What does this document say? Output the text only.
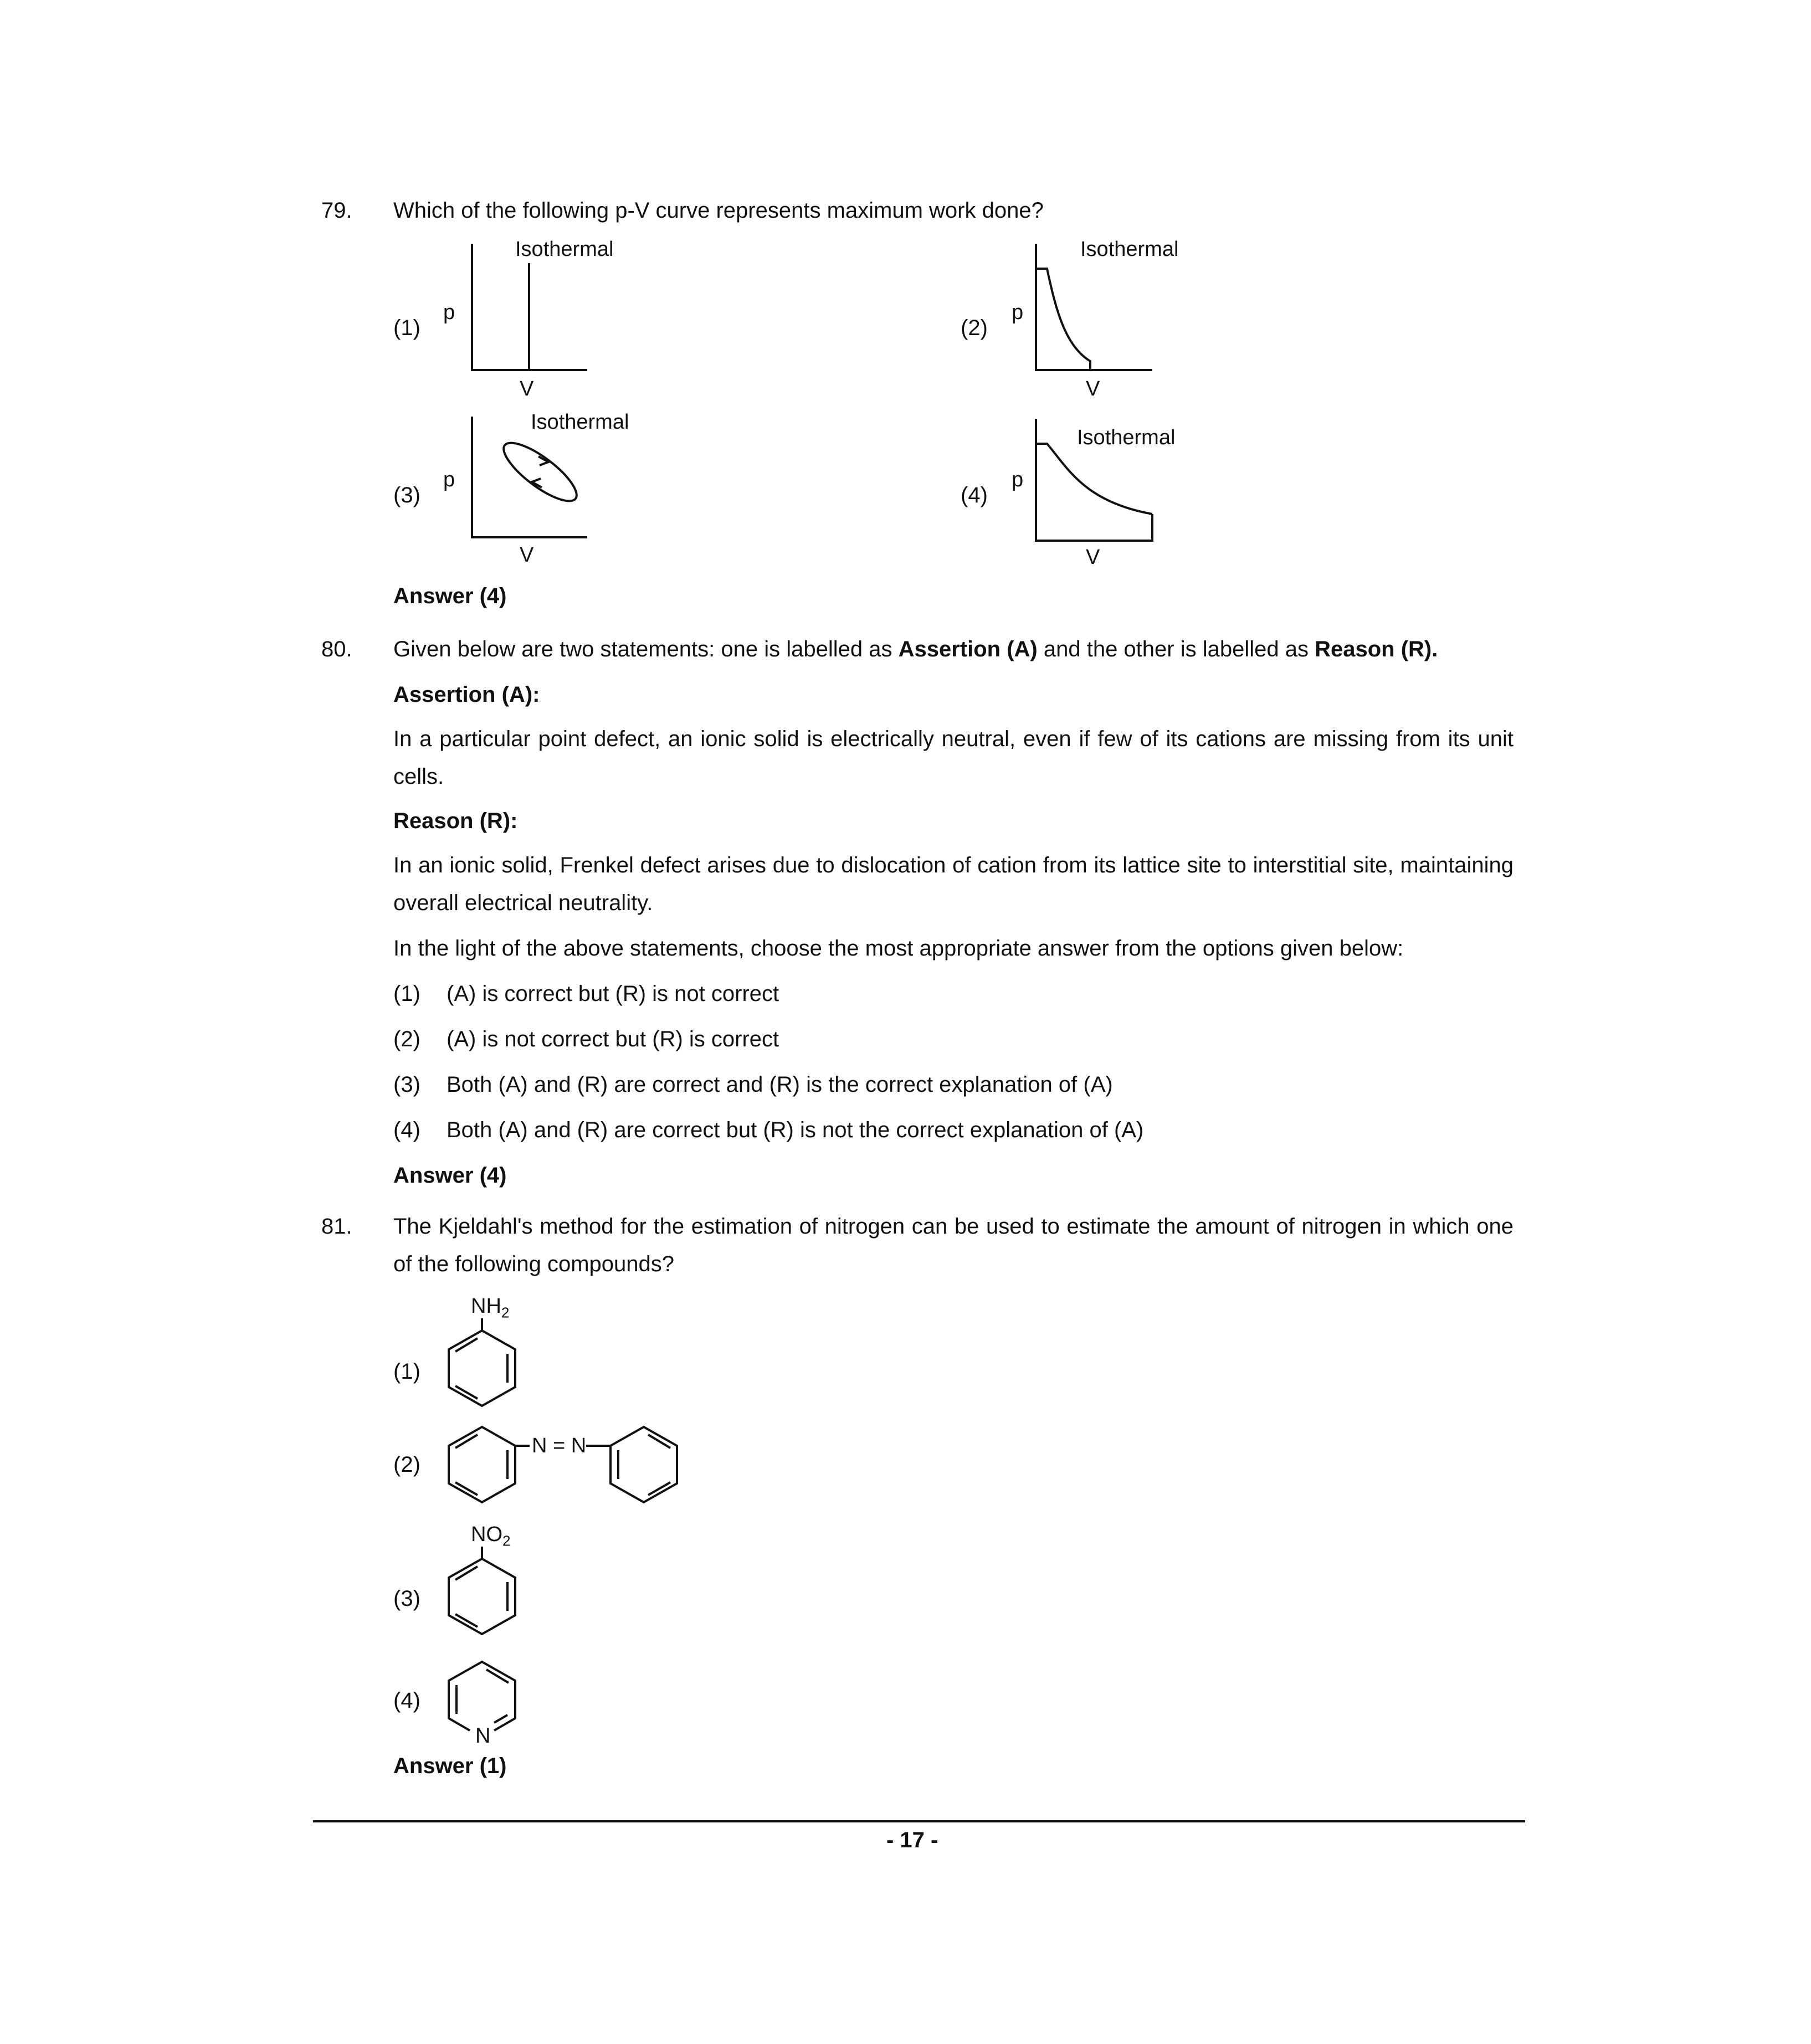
79. Which of the following p-V curve represents maximum work done?
(1)
p
Isothermal
V
(2)
p
Isothermal
V
(3)
p
Isothermal
V
(4)
p
Isothermal
V
Answer (4)
80. Given below are two statements: one is labelled as Assertion (A) and the other is labelled as Reason (R).
Assertion (A):
In a particular point defect, an ionic solid is electrically neutral, even if few of its cations are missing from its unit cells.
Reason (R):
In an ionic solid, Frenkel defect arises due to dislocation of cation from its lattice site to interstitial site, maintaining overall electrical neutrality.
In the light of the above statements, choose the most appropriate answer from the options given below:
(1) (A) is correct but (R) is not correct
(2) (A) is not correct but (R) is correct
(3) Both (A) and (R) are correct and (R) is the correct explanation of (A)
(4) Both (A) and (R) are correct but (R) is not the correct explanation of (A)
Answer (4)
81. The Kjeldahl's method for the estimation of nitrogen can be used to estimate the amount of nitrogen in which one of the following compounds?
(1)
$NH_2$
(2)
N = N
(3)
$NO_2$
(4)
N
Answer (1)
- 17 -
